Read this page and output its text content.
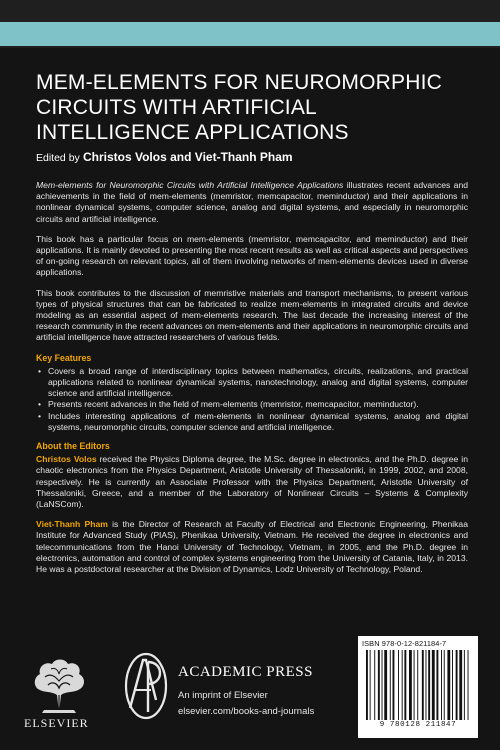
MEM-ELEMENTS FOR NEUROMORPHIC CIRCUITS WITH ARTIFICIAL INTELLIGENCE APPLICATIONS
Edited by Christos Volos and Viet-Thanh Pham

Mem-elements for Neuromorphic Circuits with Artificial Intelligence Applications illustrates recent advances and achievements in the field of mem-elements (memristor, memcapacitor, meminductor) and their applications in nonlinear dynamical systems, computer science, analog and digital systems, and especially in neuromorphic circuits and artificial intelligence.

This book has a particular focus on mem-elements (memristor, memcapacitor, and meminductor) and their applications. It is mainly devoted to presenting the most recent results as well as critical aspects and perspectives of on-going research on relevant topics, all of them involving networks of mem-elements devices used in diverse applications.

This book contributes to the discussion of memristive materials and transport mechanisms, to present various types of physical structures that can be fabricated to realize mem-elements in integrated circuits and device modeling as an essential aspect of mem-elements research. The last decade the increasing interest of the research community in the recent advances on mem-elements and their applications in neuromorphic circuits and artificial intelligence have attracted researchers of various fields.

Key Features
• Covers a broad range of interdisciplinary topics between mathematics, circuits, realizations, and practical applications related to nonlinear dynamical systems, nanotechnology, analog and digital systems, computer science and artificial intelligence.
• Presents recent advances in the field of mem-elements (memristor, memcapacitor, meminductor).
• Includes interesting applications of mem-elements in nonlinear dynamical systems, analog and digital systems, neuromorphic circuits, computer science and artificial intelligence.
About the Editors

Christos Volos received the Physics Diploma degree, the M.Sc. degree in electronics, and the Ph.D. degree in chaotic electronics from the Physics Department, Aristotle University of Thessaloniki, in 1999, 2002, and 2008, respectively. He is currently an Associate Professor with the Physics Department, Aristotle University of Thessaloniki, Greece, and a member of the Laboratory of Nonlinear Circuits – Systems & Complexity (LaNSCom).

Viet-Thanh Pham is the Director of Research at Faculty of Electrical and Electronic Engineering, Phenikaa Institute for Advanced Study (PIAS), Phenikaa University, Vietnam. He received the degree in electronics and telecommunications from the Hanoi University of Technology, Vietnam, in 2005, and the Ph.D. degree in electronics, automation and control of complex systems engineering from the University of Catania, Italy, in 2013. He was a postdoctoral researcher at the Division of Dynamics, Lodz University of Technology, Poland.

ELSEVIER
ACADEMIC PRESS
An imprint of Elsevier
elsevier.com/books-and-journals
ISBN 978-0-12-821184-7
9 780128 211847
